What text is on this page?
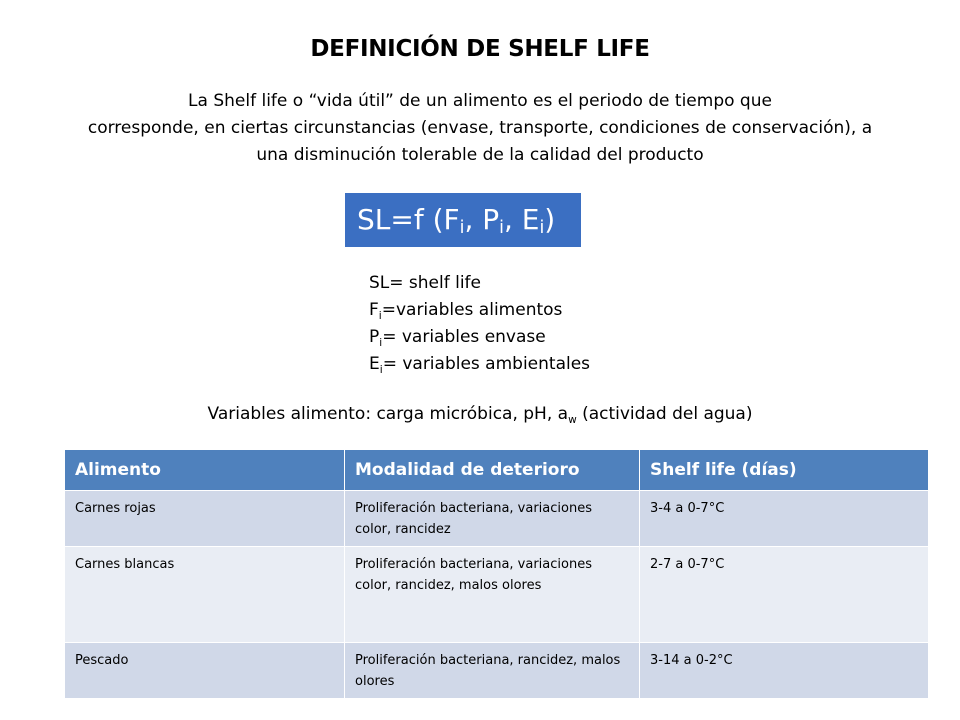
DEFINICIÓN DE SHELF LIFE
La Shelf life o “vida útil” de un alimento es el periodo de tiempo que
corresponde, en ciertas circunstancias (envase, transporte, condiciones de conservación), a
una disminución tolerable de la calidad del producto
SL=f ($F_i$, $P_i$, $E_i$)
SL= shelf life
$F_i=variables$ alimentos
$P_i=$ variables envase
$E_i=$ variables ambientales
Variables alimento: carga micróbica, pH, $a_w$ (actividad del agua)
Alimento	Modalidad de deterioro	Shelf life (días)
Carnes rojas	Proliferación bacteriana, variaciones color, rancidez	3-4 a 0-7°C
Carnes blancas	Proliferación bacteriana, variaciones color, rancidez, malos olores	2-7 a 0-7°C
Pescado	Proliferación bacteriana, rancidez, malos olores	3-14 a 0-2°C
